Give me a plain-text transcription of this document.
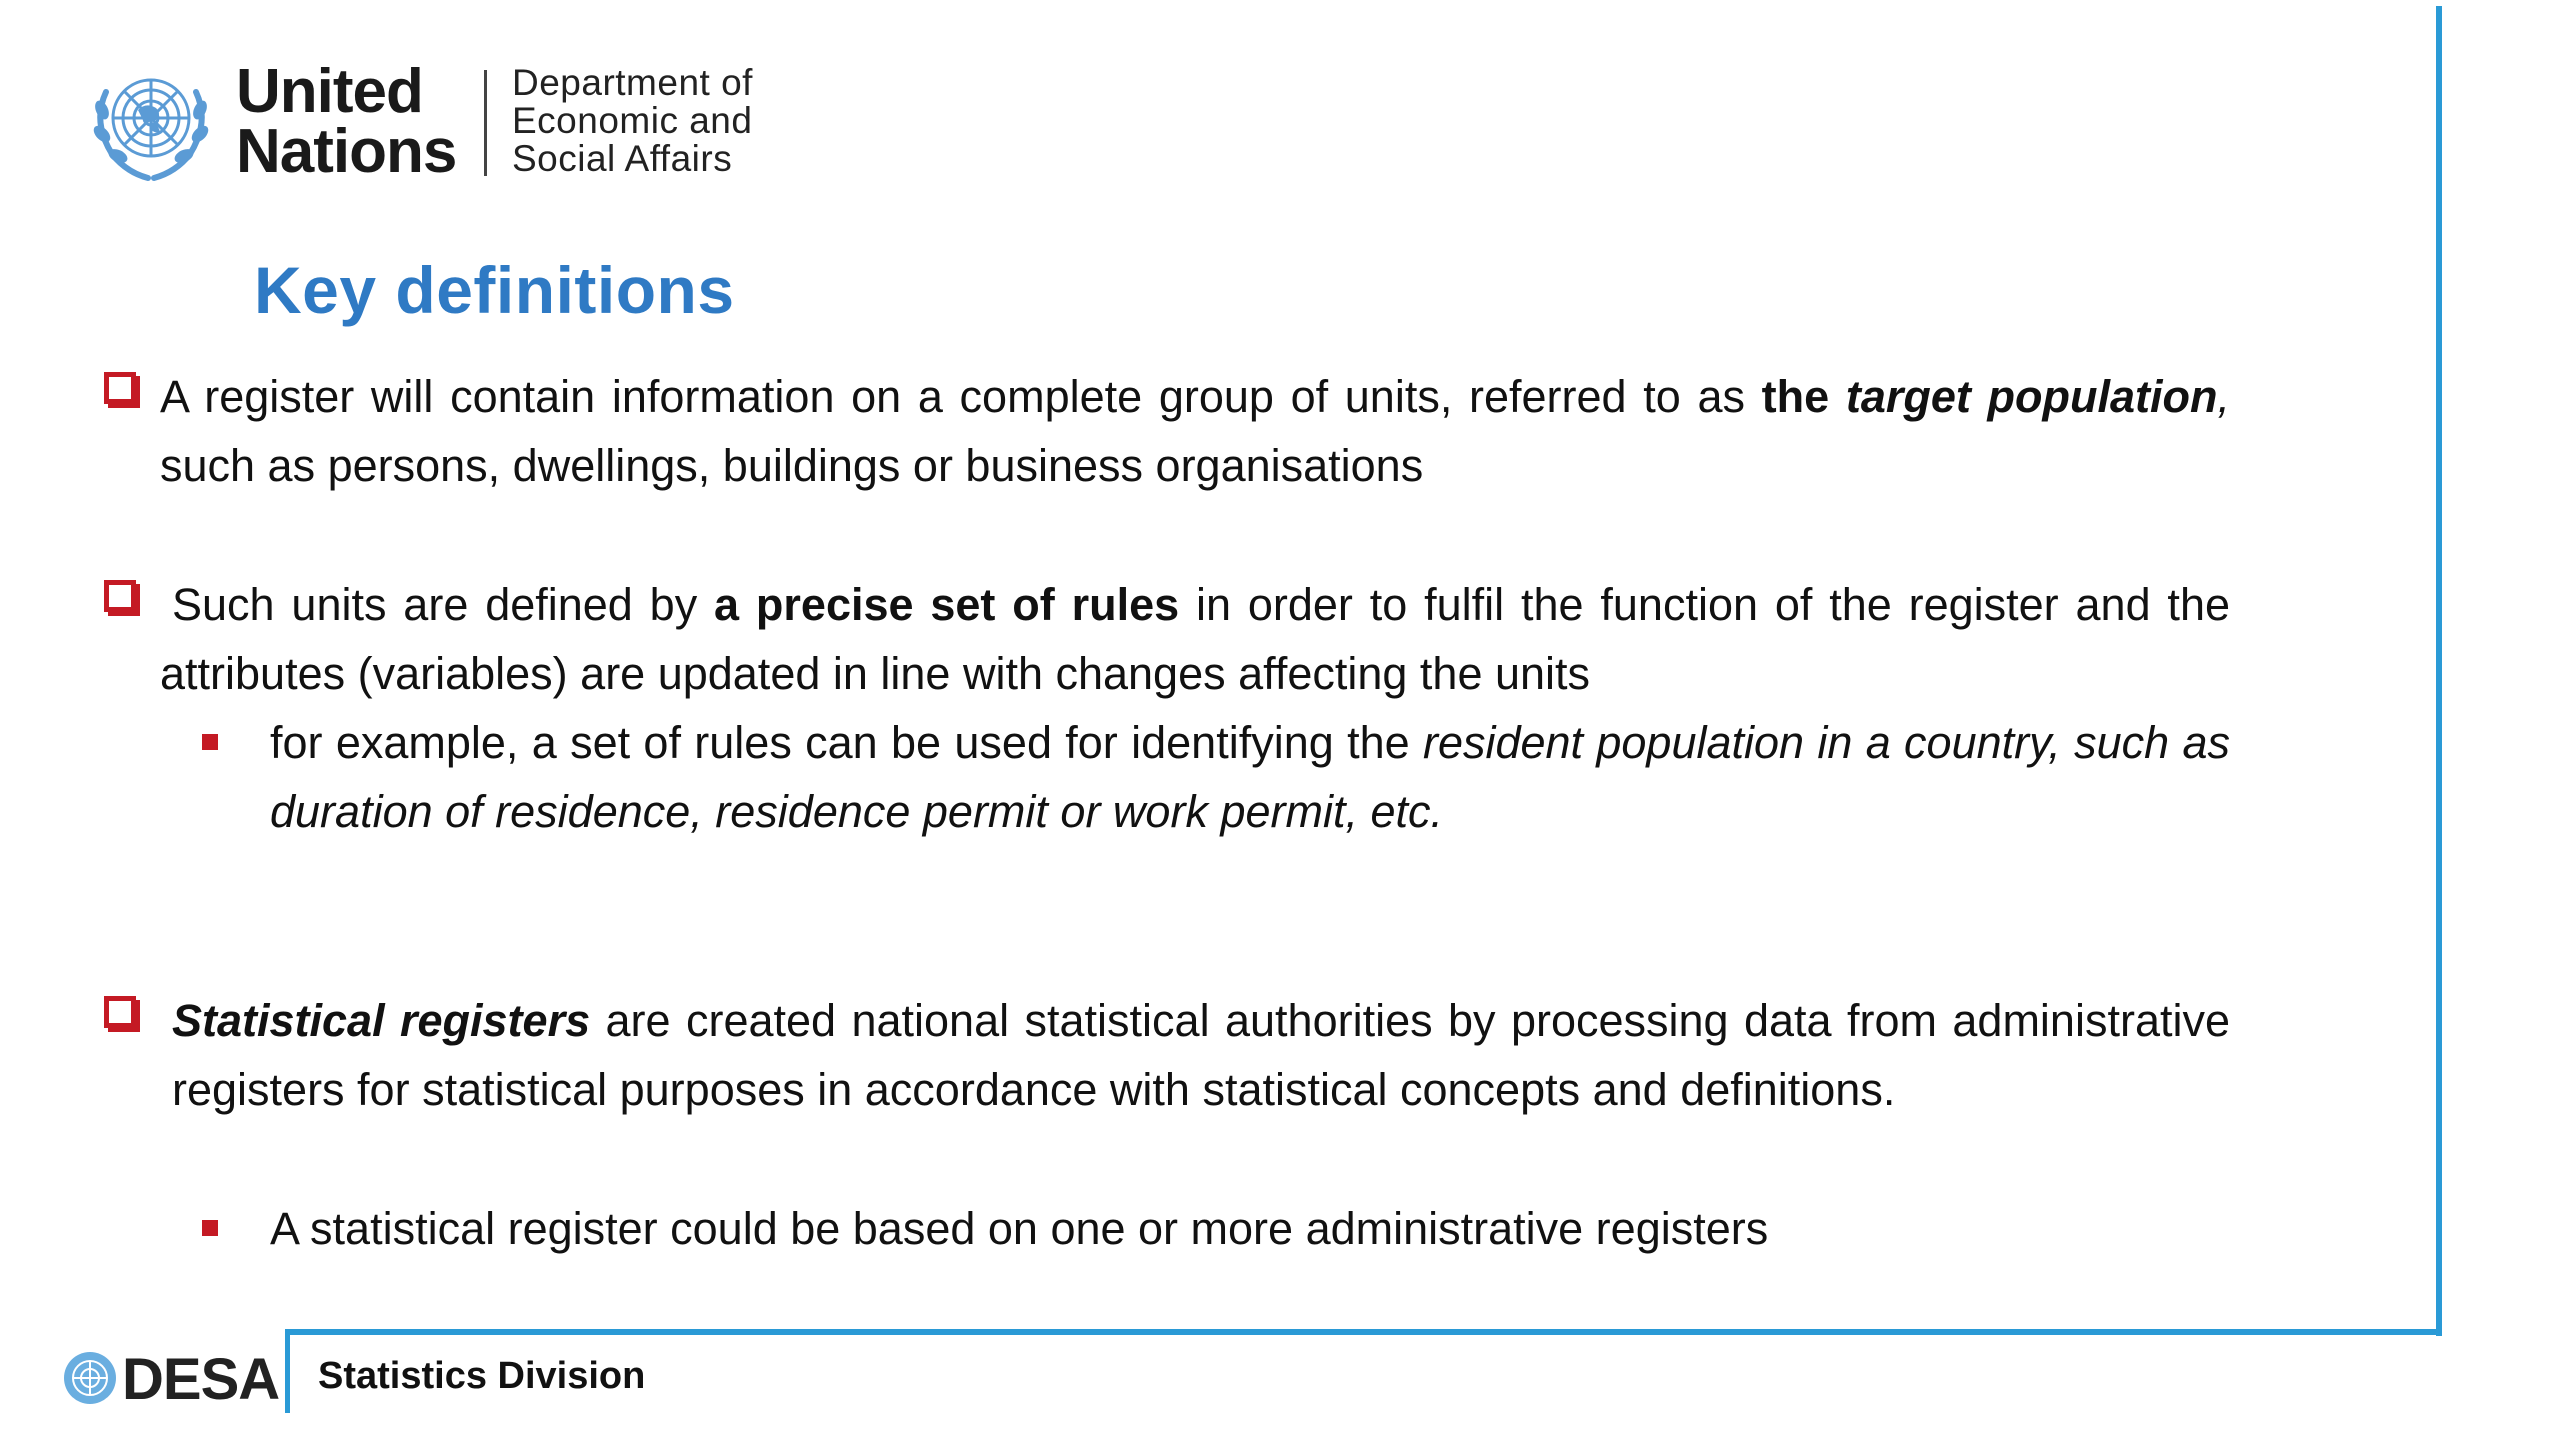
United
Nations
Department of
Economic and
Social Affairs
Key definitions

A register will contain information on a complete group of units, referred to as the target population, such as persons, dwellings, buildings or business organisations

Such units are defined by a precise set of rules in order to fulfil the function of the register and the attributes (variables) are updated in line with changes affecting the units

for example, a set of rules can be used for identifying the resident population in a country, such as duration of residence, residence permit or work permit, etc.

Statistical registers are created national statistical authorities by processing data from administrative registers for statistical purposes in accordance with statistical concepts and definitions.

A statistical register could be based on one or more administrative registers

DESA Statistics Division
